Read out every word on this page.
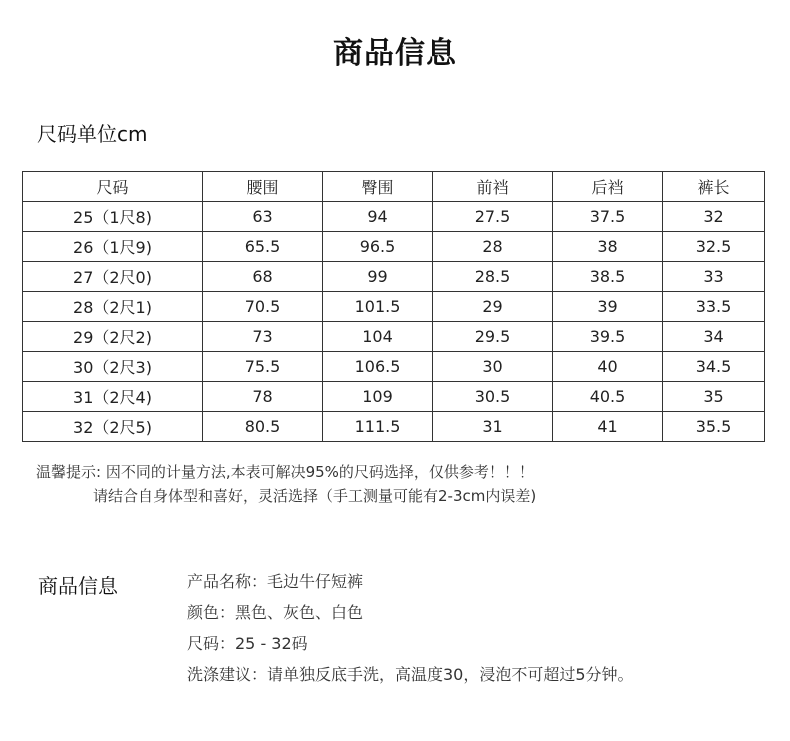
商品信息
尺码单位cm
尺码	腰围	臀围	前裆	后裆	裤长
25（1尺8)	63	94	27.5	37.5	32
26（1尺9)	65.5	96.5	28	38	32.5
27（2尺0)	68	99	28.5	38.5	33
28（2尺1)	70.5	101.5	29	39	33.5
29（2尺2)	73	104	29.5	39.5	34
30（2尺3)	75.5	106.5	30	40	34.5
31（2尺4)	78	109	30.5	40.5	35
32（2尺5)	80.5	111.5	31	41	35.5
温馨提示: 因不同的计量方法,本表可解决95%的尺码选择，仅供参考！！！
请结合自身体型和喜好，灵活选择（手工测量可能有2-3cm内误差)
商品信息	产品名称：毛边牛仔短裤
颜色：黑色、灰色、白色
尺码：25 - 32码
洗涤建议：请单独反底手洗，高温度30，浸泡不可超过5分钟。
